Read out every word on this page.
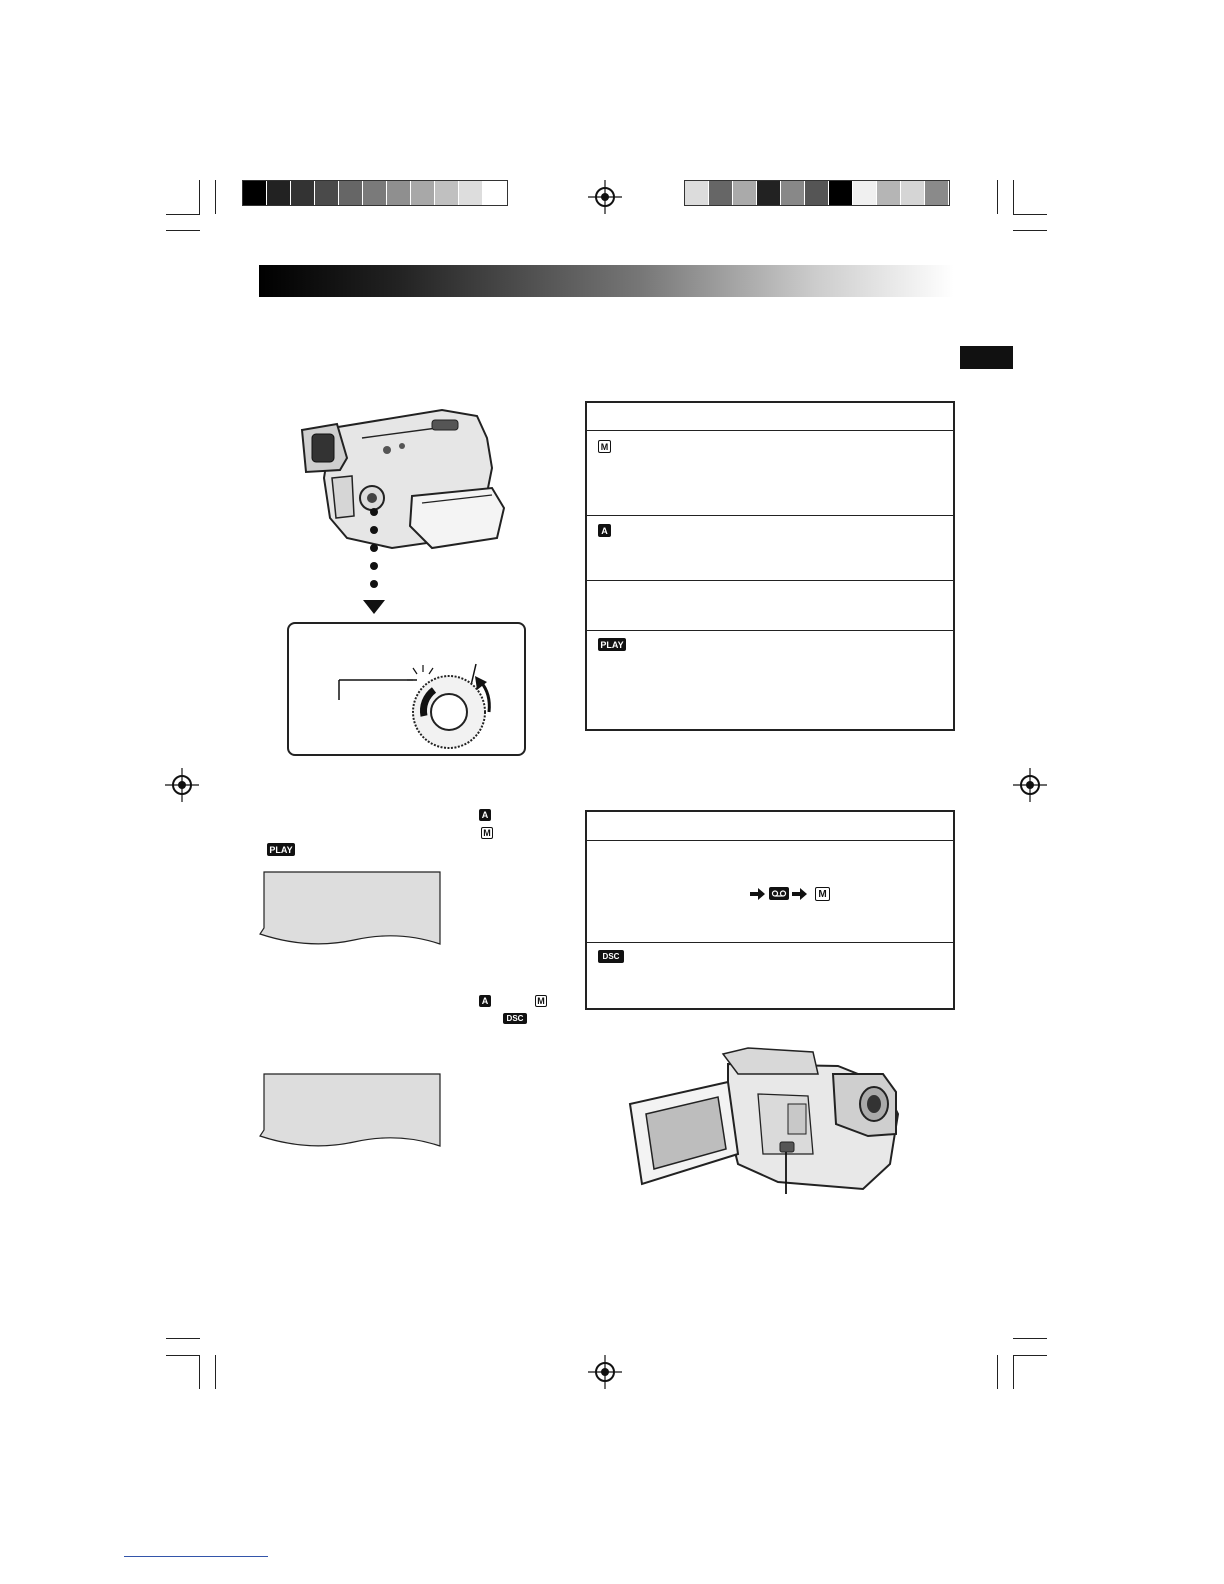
A
M
PLAY
A	M
DSC
M
A
PLAY
M
DSC
